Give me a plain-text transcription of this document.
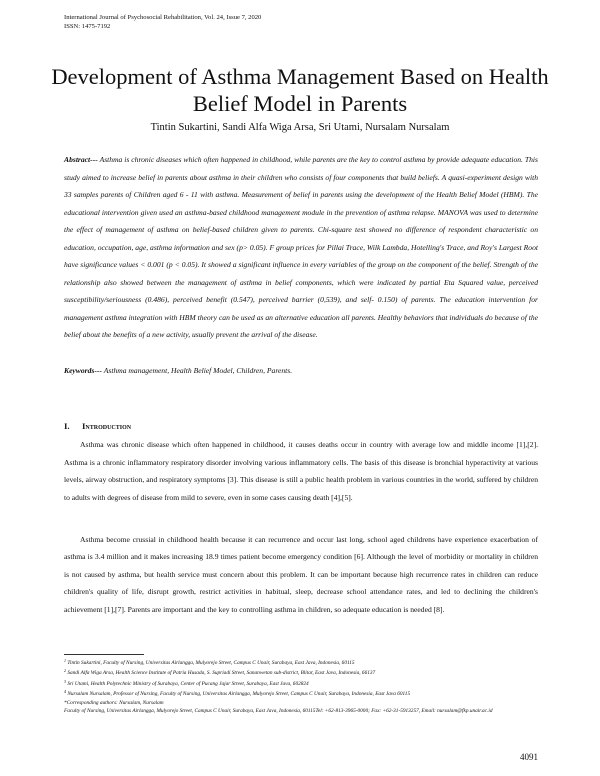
International Journal of Psychosocial Rehabilitation, Vol. 24, Issue 7, 2020
ISSN: 1475-7192
Development of Asthma Management Based on Health Belief Model in Parents
Tintin Sukartini, Sandi Alfa Wiga Arsa, Sri Utami, Nursalam Nursalam

Abstract--- Asthma is chronic diseases which often happened in childhood, while parents are the key to control asthma by provide adequate education. This study aimed to increase belief in parents about asthma in their children who consists of four components that build beliefs. A quasi-experiment design with 33 samples parents of Children aged 6 - 11 with asthma. Measurement of belief in parents using the development of the Health Belief Model (HBM). The educational intervention given used an asthma-based childhood management module in the prevention of asthma relapse. MANOVA was used to determine the effect of management of asthma on belief-based children given to parents. Chi-square test showed no difference of respondent characteristic on education, occupation, age, asthma information and sex (p> 0.05). F group prices for Pillai Trace, Wilk Lambda, Hotelling's Trace, and Roy's Largest Root have significance values < 0.001 (p < 0.05). It showed a significant influence in every variables of the group on the component of the belief. Strength of the relationship also showed between the management of asthma in belief components, which were indicated by partial Eta Squared value, perceived susceptibility/seriousness (0.486), perceived benefit (0.547), perceived barrier (0,539), and self- 0.150) of parents. The education intervention for management asthma integration with HBM theory can be used as an alternative education all parents. Healthy behaviors that individuals do because of the belief about the benefits of a new activity, usually prevent the arrival of the disease.

Keywords--- Asthma management, Health Belief Model, Children, Parents.

I. Introduction

Asthma was chronic disease which often happened in childhood, it causes deaths occur in country with average low and middle income [1],[2]. Asthma is a chronic inflammatory respiratory disorder involving various inflammatory cells. The basis of this disease is bronchial hyperactivity at various levels, airway obstruction, and respiratory symptoms [3]. This disease is still a public health problem in various countries in the world, suffered by children to adults with degrees of disease from mild to severe, even in some cases causing death [4],[5].

Asthma become crussial in childhood health because it can recurrence and occur last long, school aged childrens have experience exacerbation of asthma is 3.4 million and it makes increasing 18.9 times patient become emergency condition [6]. Although the level of morbidity or mortality in children is not caused by asthma, but health service must concern about this problem. It can be important because high recurrence rates in children can reduce children's quality of life, disrupt growth, restrict activities in habitual, sleep, decrease school attendance rates, and led to declining the children's achievement [1],[7]. Parents are important and the key to controlling asthma in children, so adequate education is needed [8].

$^1$ Tintin Sukartini, Faculty of Nursing, Universitas Airlangga, Mulyorejo Street, Campus C Unair, Surabaya, East Java, Indonesia, 60115
$^2$ Sandi Alfa Wiga Arsa, Health Science Institute of Patria Husada, S. Supriadi Street, Sananwetan sub-district, Blitar, East Java, Indonesia, 66137
$^3$ Sri Utami, Health Polytechnic Ministry of Surabaya, Center of Pucang Jajar Street, Surabaya, East Java, 602824
$^4$ Nursalam Nursalam, Professor of Nursing, Faculty of Nursing, Universitas Airlangga, Mulyorejo Street, Campus C Unair, Surabaya, Indonesia, East Java 60115
*Corresponding authors: Nursalam, Nursalam
Faculty of Nursing, Universitas Airlangga, Mulyorejo Street, Campus C Unair, Surabaya, East Java, Indonesia, 60115Tel: +62-813-3965-0000; Fax: +62-31-5913257, Email: nursalam@fkp.unair.ac.id
4091
